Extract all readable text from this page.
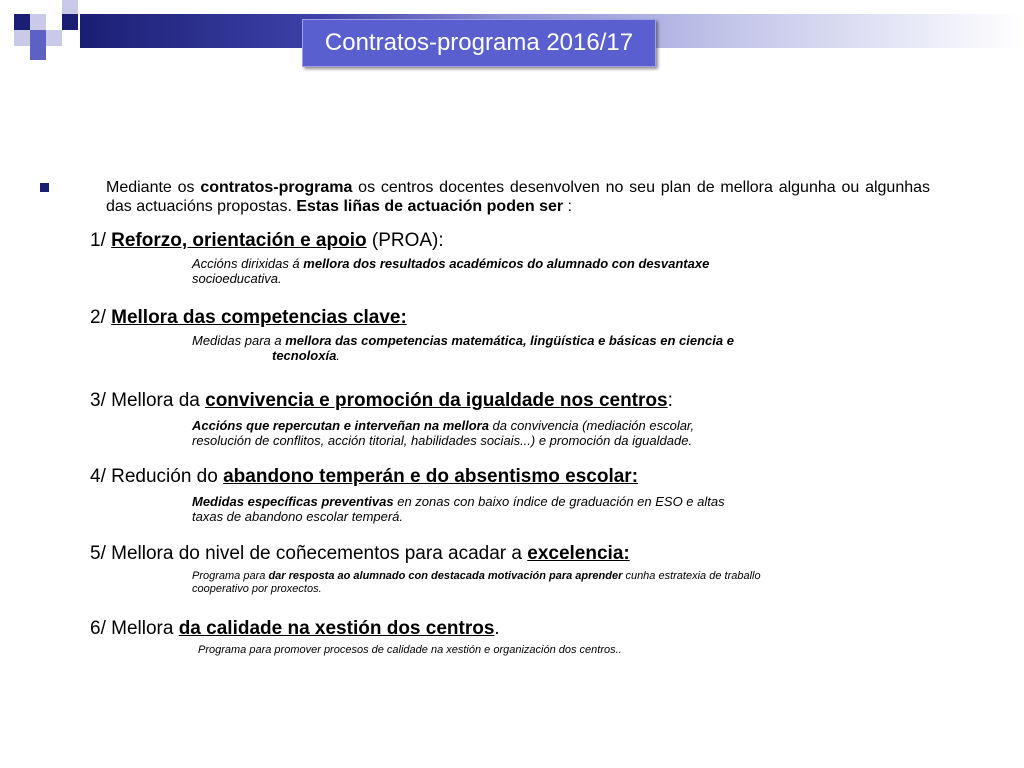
Contratos-programa 2016/17
Mediante os contratos-programa os centros docentes desenvolven no seu plan de mellora algunha ou algunhas das actuacións propostas. Estas liñas de actuación poden ser :
1/ Reforzo, orientación e apoio (PROA):
Accións dirixidas á mellora dos resultados académicos do alumnado con desvantaxe
socioeducativa.
2/ Mellora das competencias clave:
Medidas para a mellora das competencias matemática, lingüística e básicas en ciencia e
tecnoloxía.
3/ Mellora da convivencia e promoción da igualdade nos centros:
Accións que repercutan e interveñan na mellora da convivencia (mediación escolar,
resolución de conflitos, acción titorial, habilidades sociais...) e promoción da igualdade.
4/ Redución do abandono temperán e do absentismo escolar:
Medidas específicas preventivas en zonas con baixo índice de graduación en ESO e altas
taxas de abandono escolar temperá.
5/ Mellora do nivel de coñecementos para acadar a excelencia:
Programa para dar resposta ao alumnado con destacada motivación para aprender cunha estratexia de traballo
cooperativo por proxectos.
6/ Mellora da calidade na xestión dos centros.
Programa para promover procesos de calidade na xestión e organización dos centros..
